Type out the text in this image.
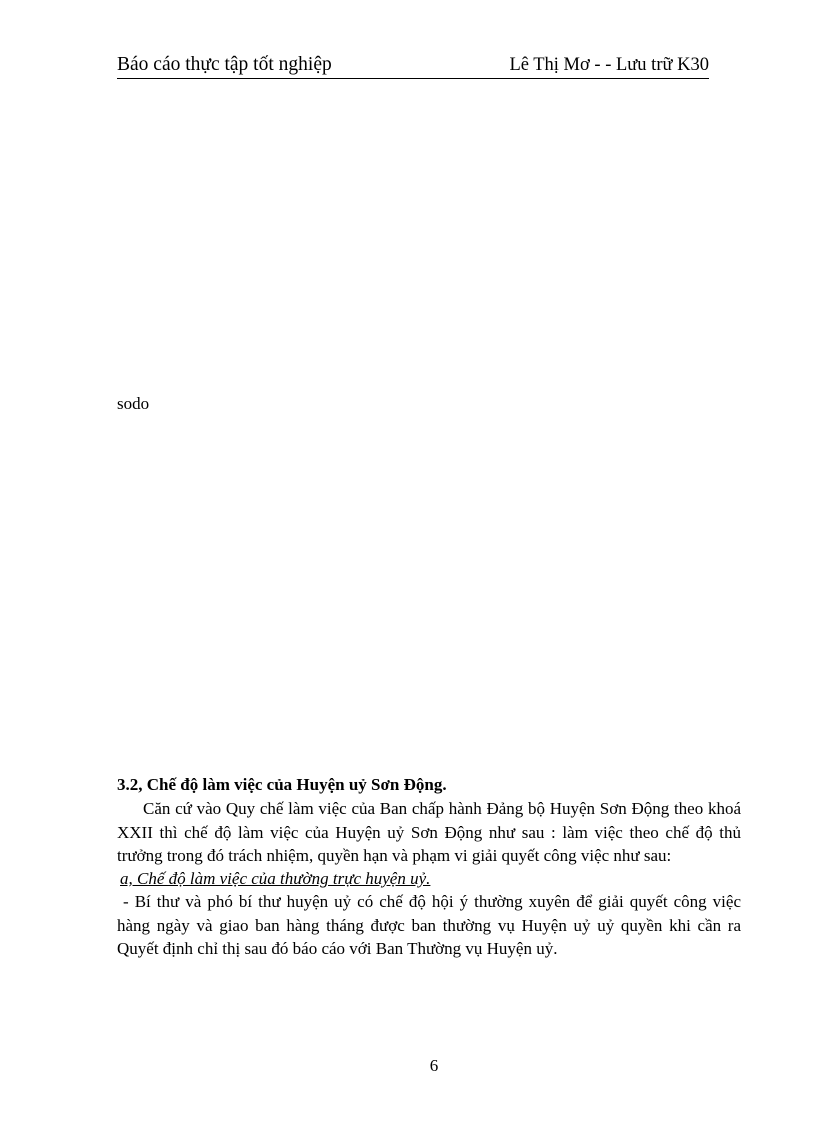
Báo cáo thực tập tốt nghiệp	Lê Thị Mơ - - Lưu trữ K30
sodo

3.2, Chế độ làm việc của Huyện uỷ Sơn Động.

Căn cứ vào Quy chế làm việc của Ban chấp hành Đảng bộ Huyện Sơn Động theo khoá XXII thì chế độ làm việc của Huyện uỷ Sơn Động như sau : làm việc theo chế độ thủ trưởng trong đó trách nhiệm, quyền hạn và phạm vi giải quyết công việc như sau:

a, Chế độ làm việc của thường trực huyện uỷ.

- Bí thư và phó bí thư huyện uỷ có chế độ hội ý thường xuyên để giải quyết công việc hàng ngày và giao ban hàng tháng được ban thường vụ Huyện uỷ uỷ quyền khi cần ra Quyết định chỉ thị sau đó báo cáo với Ban Thường vụ Huyện uỷ.

6
